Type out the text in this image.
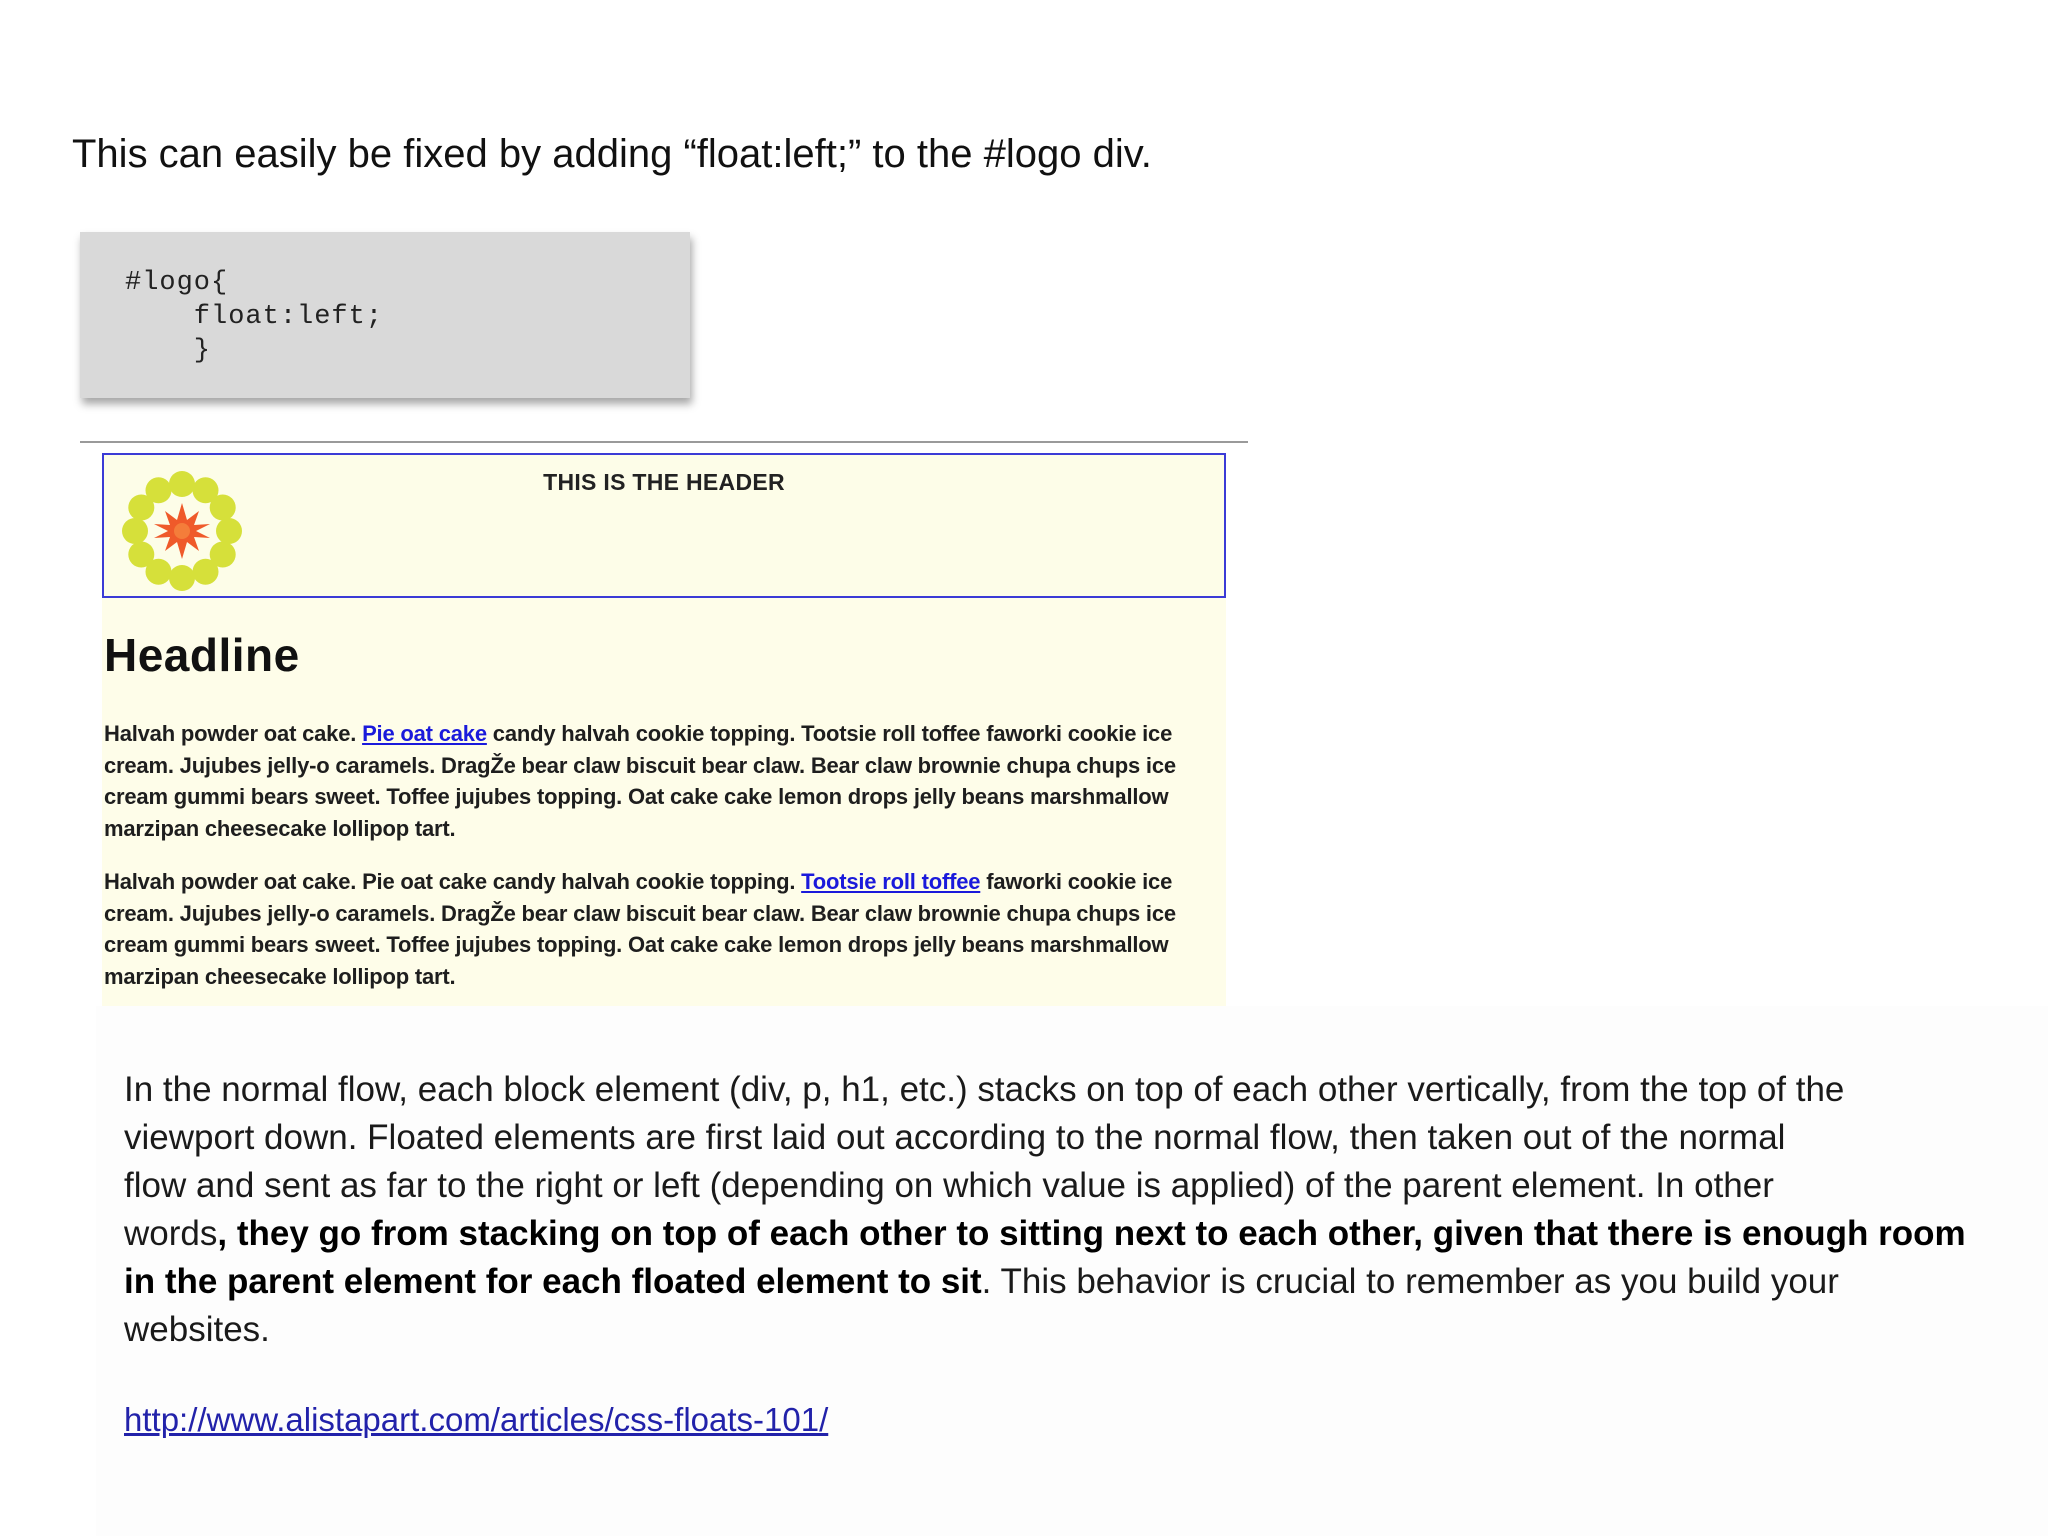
This can easily be fixed by adding “float:left;” to the #logo div.
#logo{
float:left;
}
THIS IS THE HEADER
Headline
Halvah powder oat cake. Pie oat cake candy halvah cookie topping. Tootsie roll toffee faworki cookie ice
cream. Jujubes jelly-o caramels. DragŽe bear claw biscuit bear claw. Bear claw brownie chupa chups ice
cream gummi bears sweet. Toffee jujubes topping. Oat cake cake lemon drops jelly beans marshmallow
marzipan cheesecake lollipop tart.
Halvah powder oat cake. Pie oat cake candy halvah cookie topping. Tootsie roll toffee faworki cookie ice
cream. Jujubes jelly-o caramels. DragŽe bear claw biscuit bear claw. Bear claw brownie chupa chups ice
cream gummi bears sweet. Toffee jujubes topping. Oat cake cake lemon drops jelly beans marshmallow
marzipan cheesecake lollipop tart.
In the normal flow, each block element (div, p, h1, etc.) stacks on top of each other vertically, from the top of the
viewport down. Floated elements are first laid out according to the normal flow, then taken out of the normal
flow and sent as far to the right or left (depending on which value is applied) of the parent element. In other
words, they go from stacking on top of each other to sitting next to each other, given that there is enough room
in the parent element for each floated element to sit. This behavior is crucial to remember as you build your
websites.
http://www.alistapart.com/articles/css-floats-101/
